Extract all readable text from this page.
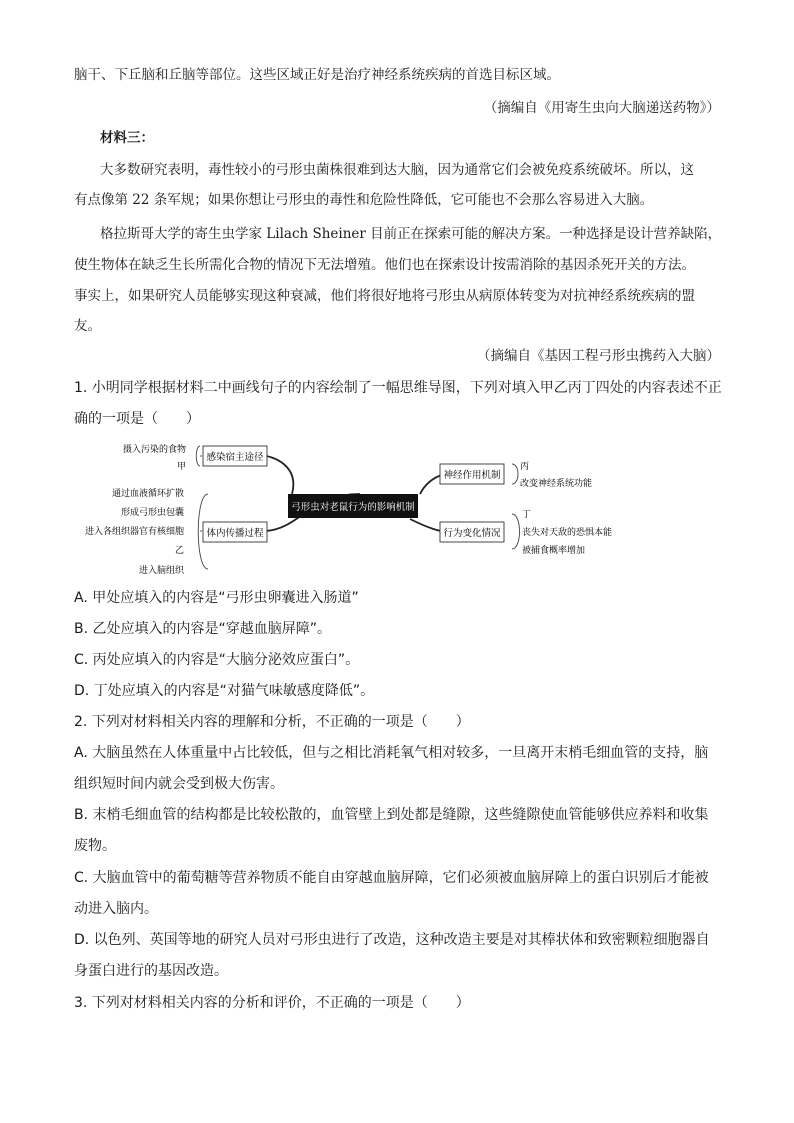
脑干、下丘脑和丘脑等部位。这些区域正好是治疗神经系统疾病的首选目标区域。
（摘编自《用寄生虫向大脑递送药物》）
材料三：
大多数研究表明，毒性较小的弓形虫菌株很难到达大脑，因为通常它们会被免疫系统破坏。所以，这
有点像第 22 条军规；如果你想让弓形虫的毒性和危险性降低，它可能也不会那么容易进入大脑。
格拉斯哥大学的寄生虫学家 Lilach Sheiner 目前正在探索可能的解决方案。一种选择是设计营养缺陷，
使生物体在缺乏生长所需化合物的情况下无法增殖。他们也在探索设计按需消除的基因杀死开关的方法。
事实上，如果研究人员能够实现这种衰减，他们将很好地将弓形虫从病原体转变为对抗神经系统疾病的盟
友。
（摘编自《基因工程弓形虫携药入大脑）
1. 小明同学根据材料二中画线句子的内容绘制了一幅思维导图，下列对填入甲乙丙丁四处的内容表述不正
确的一项是（　　）
弓形虫对老鼠行为的影响机制
感染宿主途径
摄入污染的食物
甲
体内传播过程
通过血液循环扩散
形成弓形虫包囊
进入各组织器官有核细胞
乙
进入脑组织
神经作用机制
丙
改变神经系统功能
行为变化情况
丁
丧失对天敌的恐惧本能
被捕食概率增加
A. 甲处应填入的内容是“弓形虫卵囊进入肠道”
B. 乙处应填入的内容是“穿越血脑屏障”。
C. 丙处应填入的内容是“大脑分泌效应蛋白”。
D. 丁处应填入的内容是“对猫气味敏感度降低”。
2. 下列对材料相关内容的理解和分析，不正确的一项是（　　）
A. 大脑虽然在人体重量中占比较低，但与之相比消耗氧气相对较多，一旦离开末梢毛细血管的支持，脑
组织短时间内就会受到极大伤害。
B. 末梢毛细血管的结构都是比较松散的，血管壁上到处都是缝隙，这些缝隙使血管能够供应养料和收集
废物。
C. 大脑血管中的葡萄糖等营养物质不能自由穿越血脑屏障，它们必须被血脑屏障上的蛋白识别后才能被
动进入脑内。
D. 以色列、英国等地的研究人员对弓形虫进行了改造，这种改造主要是对其棒状体和致密颗粒细胞器自
身蛋白进行的基因改造。
3. 下列对材料相关内容的分析和评价，不正确的一项是（　　）
